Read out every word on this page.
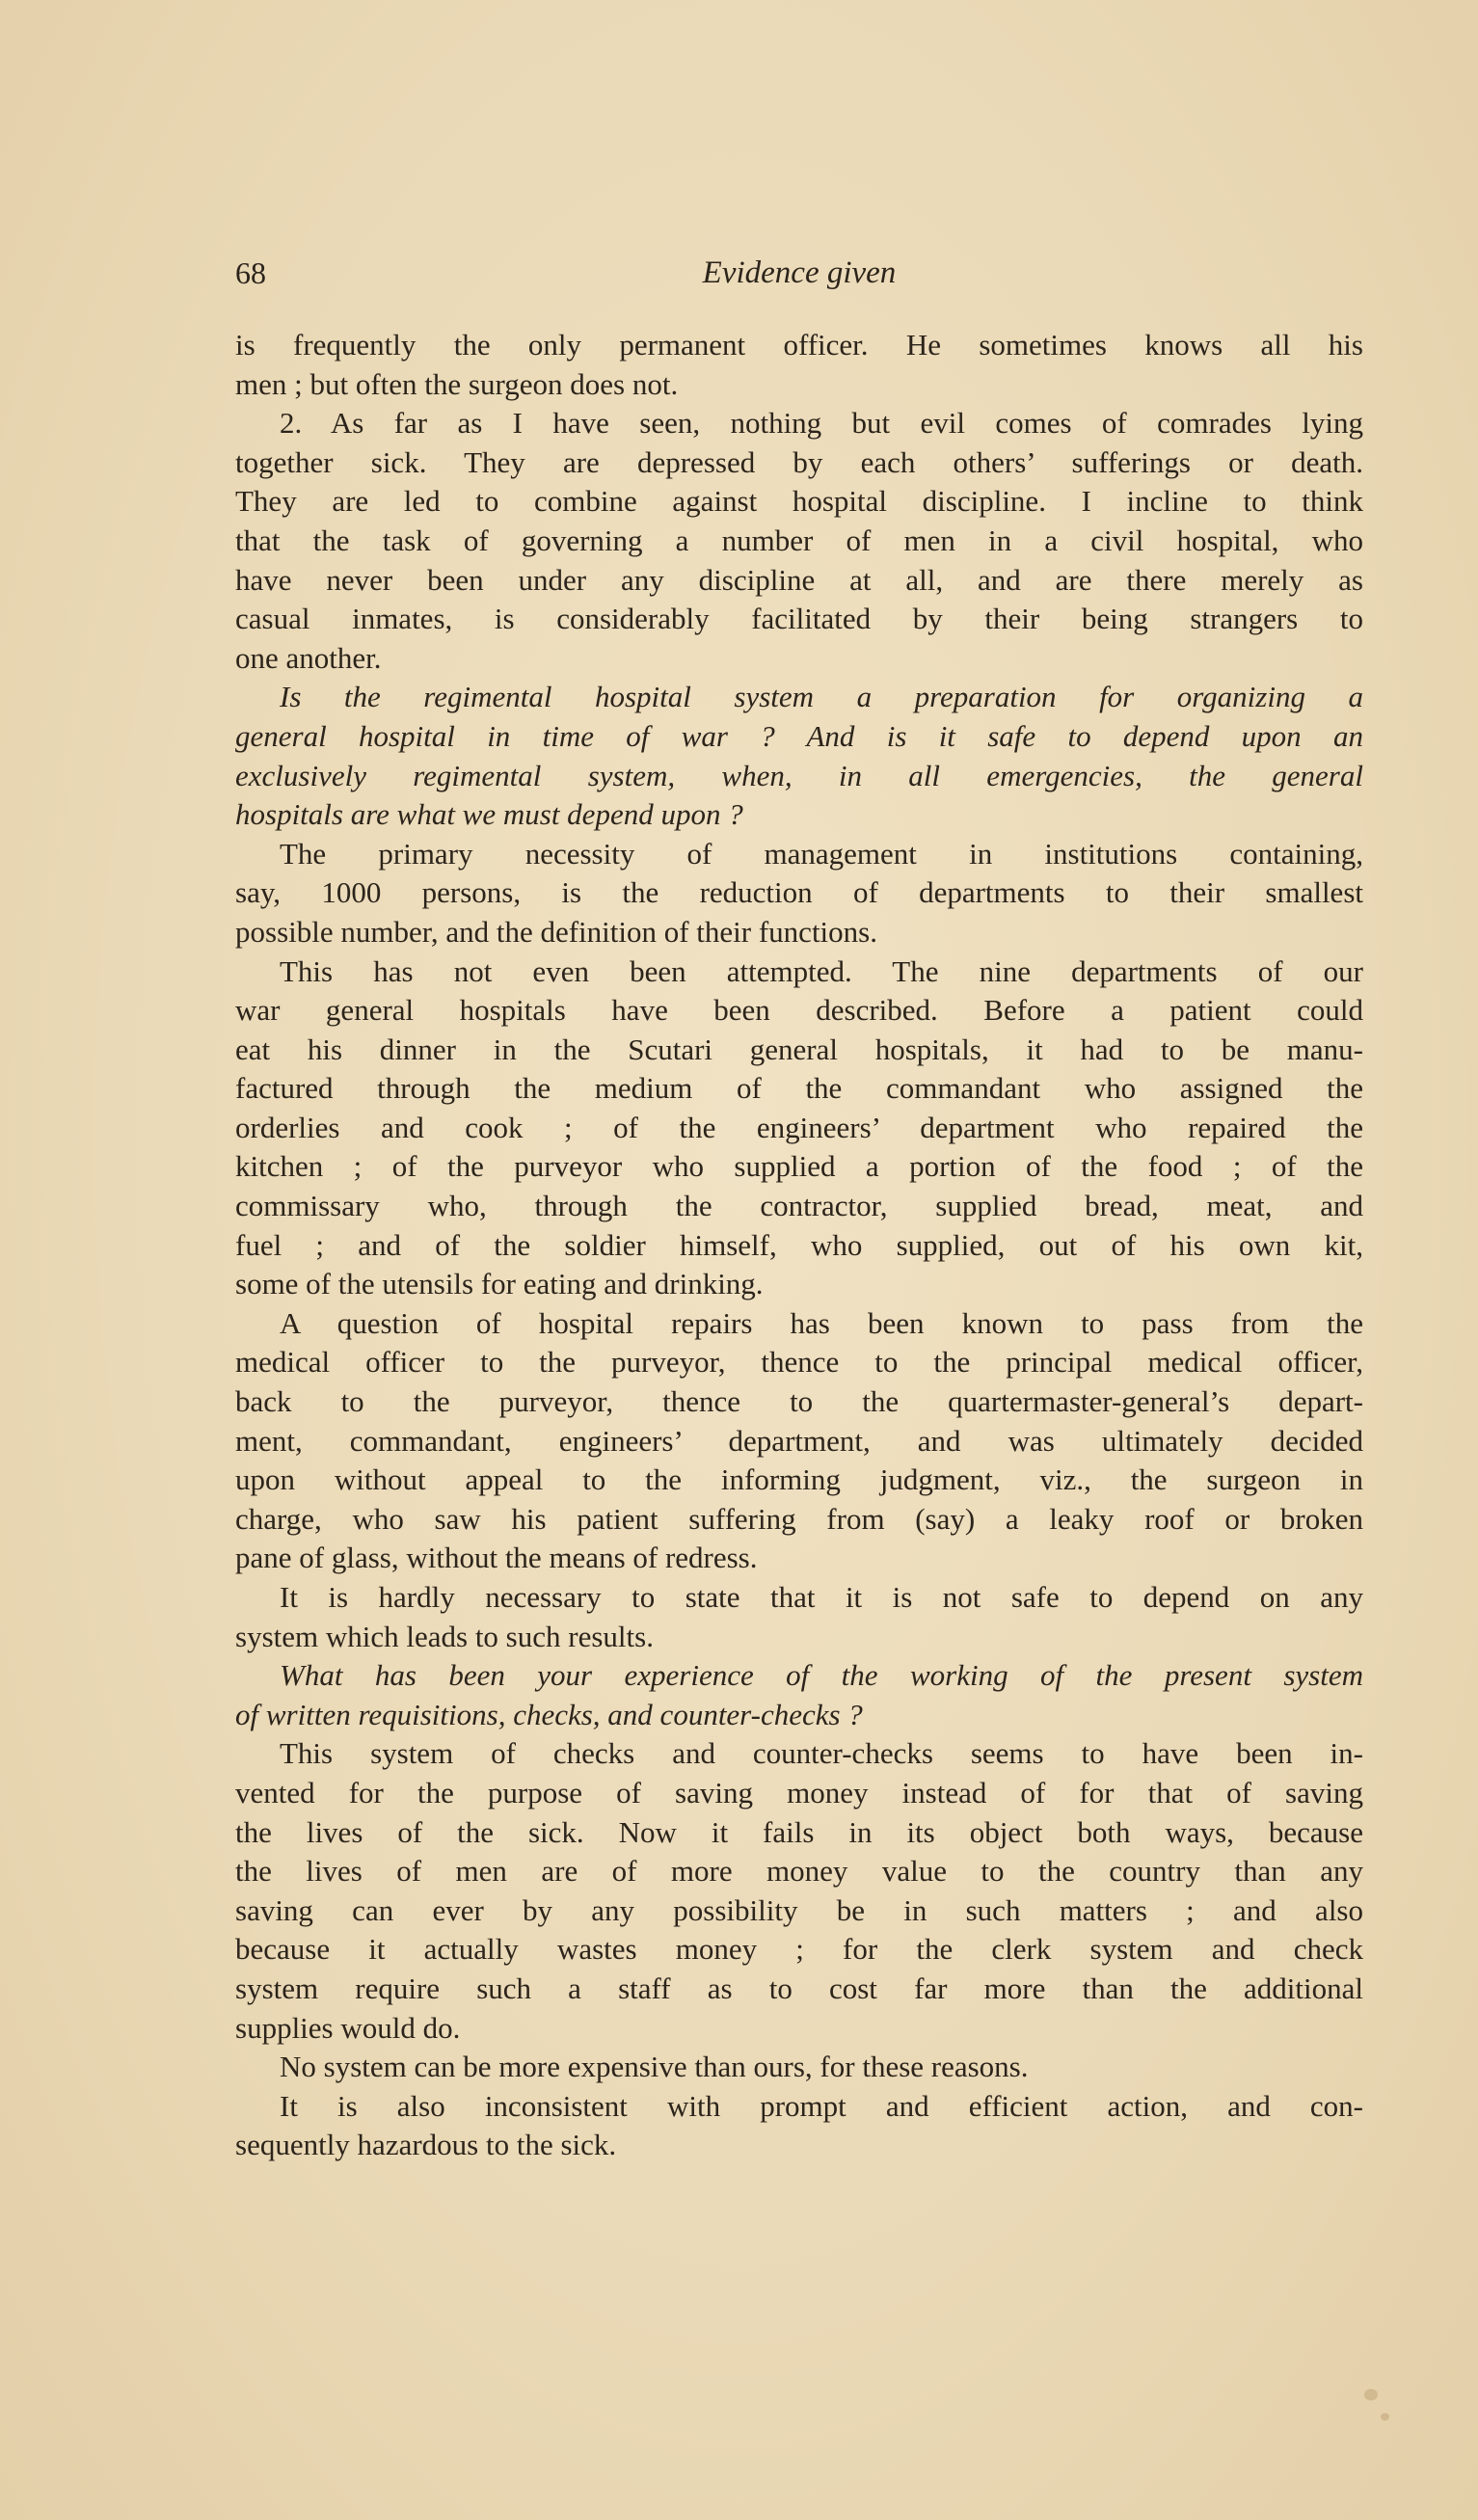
68	Evidence given
is frequently the only permanent officer. He sometimes knows all his
men ; but often the surgeon does not.
2. As far as I have seen, nothing but evil comes of comrades lying
together sick. They are depressed by each others’ sufferings or death.
They are led to combine against hospital discipline. I incline to think
that the task of governing a number of men in a civil hospital, who
have never been under any discipline at all, and are there merely as
casual inmates, is considerably facilitated by their being strangers to
one another.
Is the regimental hospital system a preparation for organizing a
general hospital in time of war ? And is it safe to depend upon an
exclusively regimental system, when, in all emergencies, the general
hospitals are what we must depend upon ?
The primary necessity of management in institutions containing,
say, 1000 persons, is the reduction of departments to their smallest
possible number, and the definition of their functions.
This has not even been attempted. The nine departments of our
war general hospitals have been described. Before a patient could
eat his dinner in the Scutari general hospitals, it had to be manu-
factured through the medium of the commandant who assigned the
orderlies and cook ; of the engineers’ department who repaired the
kitchen ; of the purveyor who supplied a portion of the food ; of the
commissary who, through the contractor, supplied bread, meat, and
fuel ; and of the soldier himself, who supplied, out of his own kit,
some of the utensils for eating and drinking.
A question of hospital repairs has been known to pass from the
medical officer to the purveyor, thence to the principal medical officer,
back to the purveyor, thence to the quartermaster-general’s depart-
ment, commandant, engineers’ department, and was ultimately decided
upon without appeal to the informing judgment, viz., the surgeon in
charge, who saw his patient suffering from (say) a leaky roof or broken
pane of glass, without the means of redress.
It is hardly necessary to state that it is not safe to depend on any
system which leads to such results.
What has been your experience of the working of the present system
of written requisitions, checks, and counter-checks ?
This system of checks and counter-checks seems to have been in-
vented for the purpose of saving money instead of for that of saving
the lives of the sick. Now it fails in its object both ways, because
the lives of men are of more money value to the country than any
saving can ever by any possibility be in such matters ; and also
because it actually wastes money ; for the clerk system and check
system require such a staff as to cost far more than the additional
supplies would do.
No system can be more expensive than ours, for these reasons.
It is also inconsistent with prompt and efficient action, and con-
sequently hazardous to the sick.
